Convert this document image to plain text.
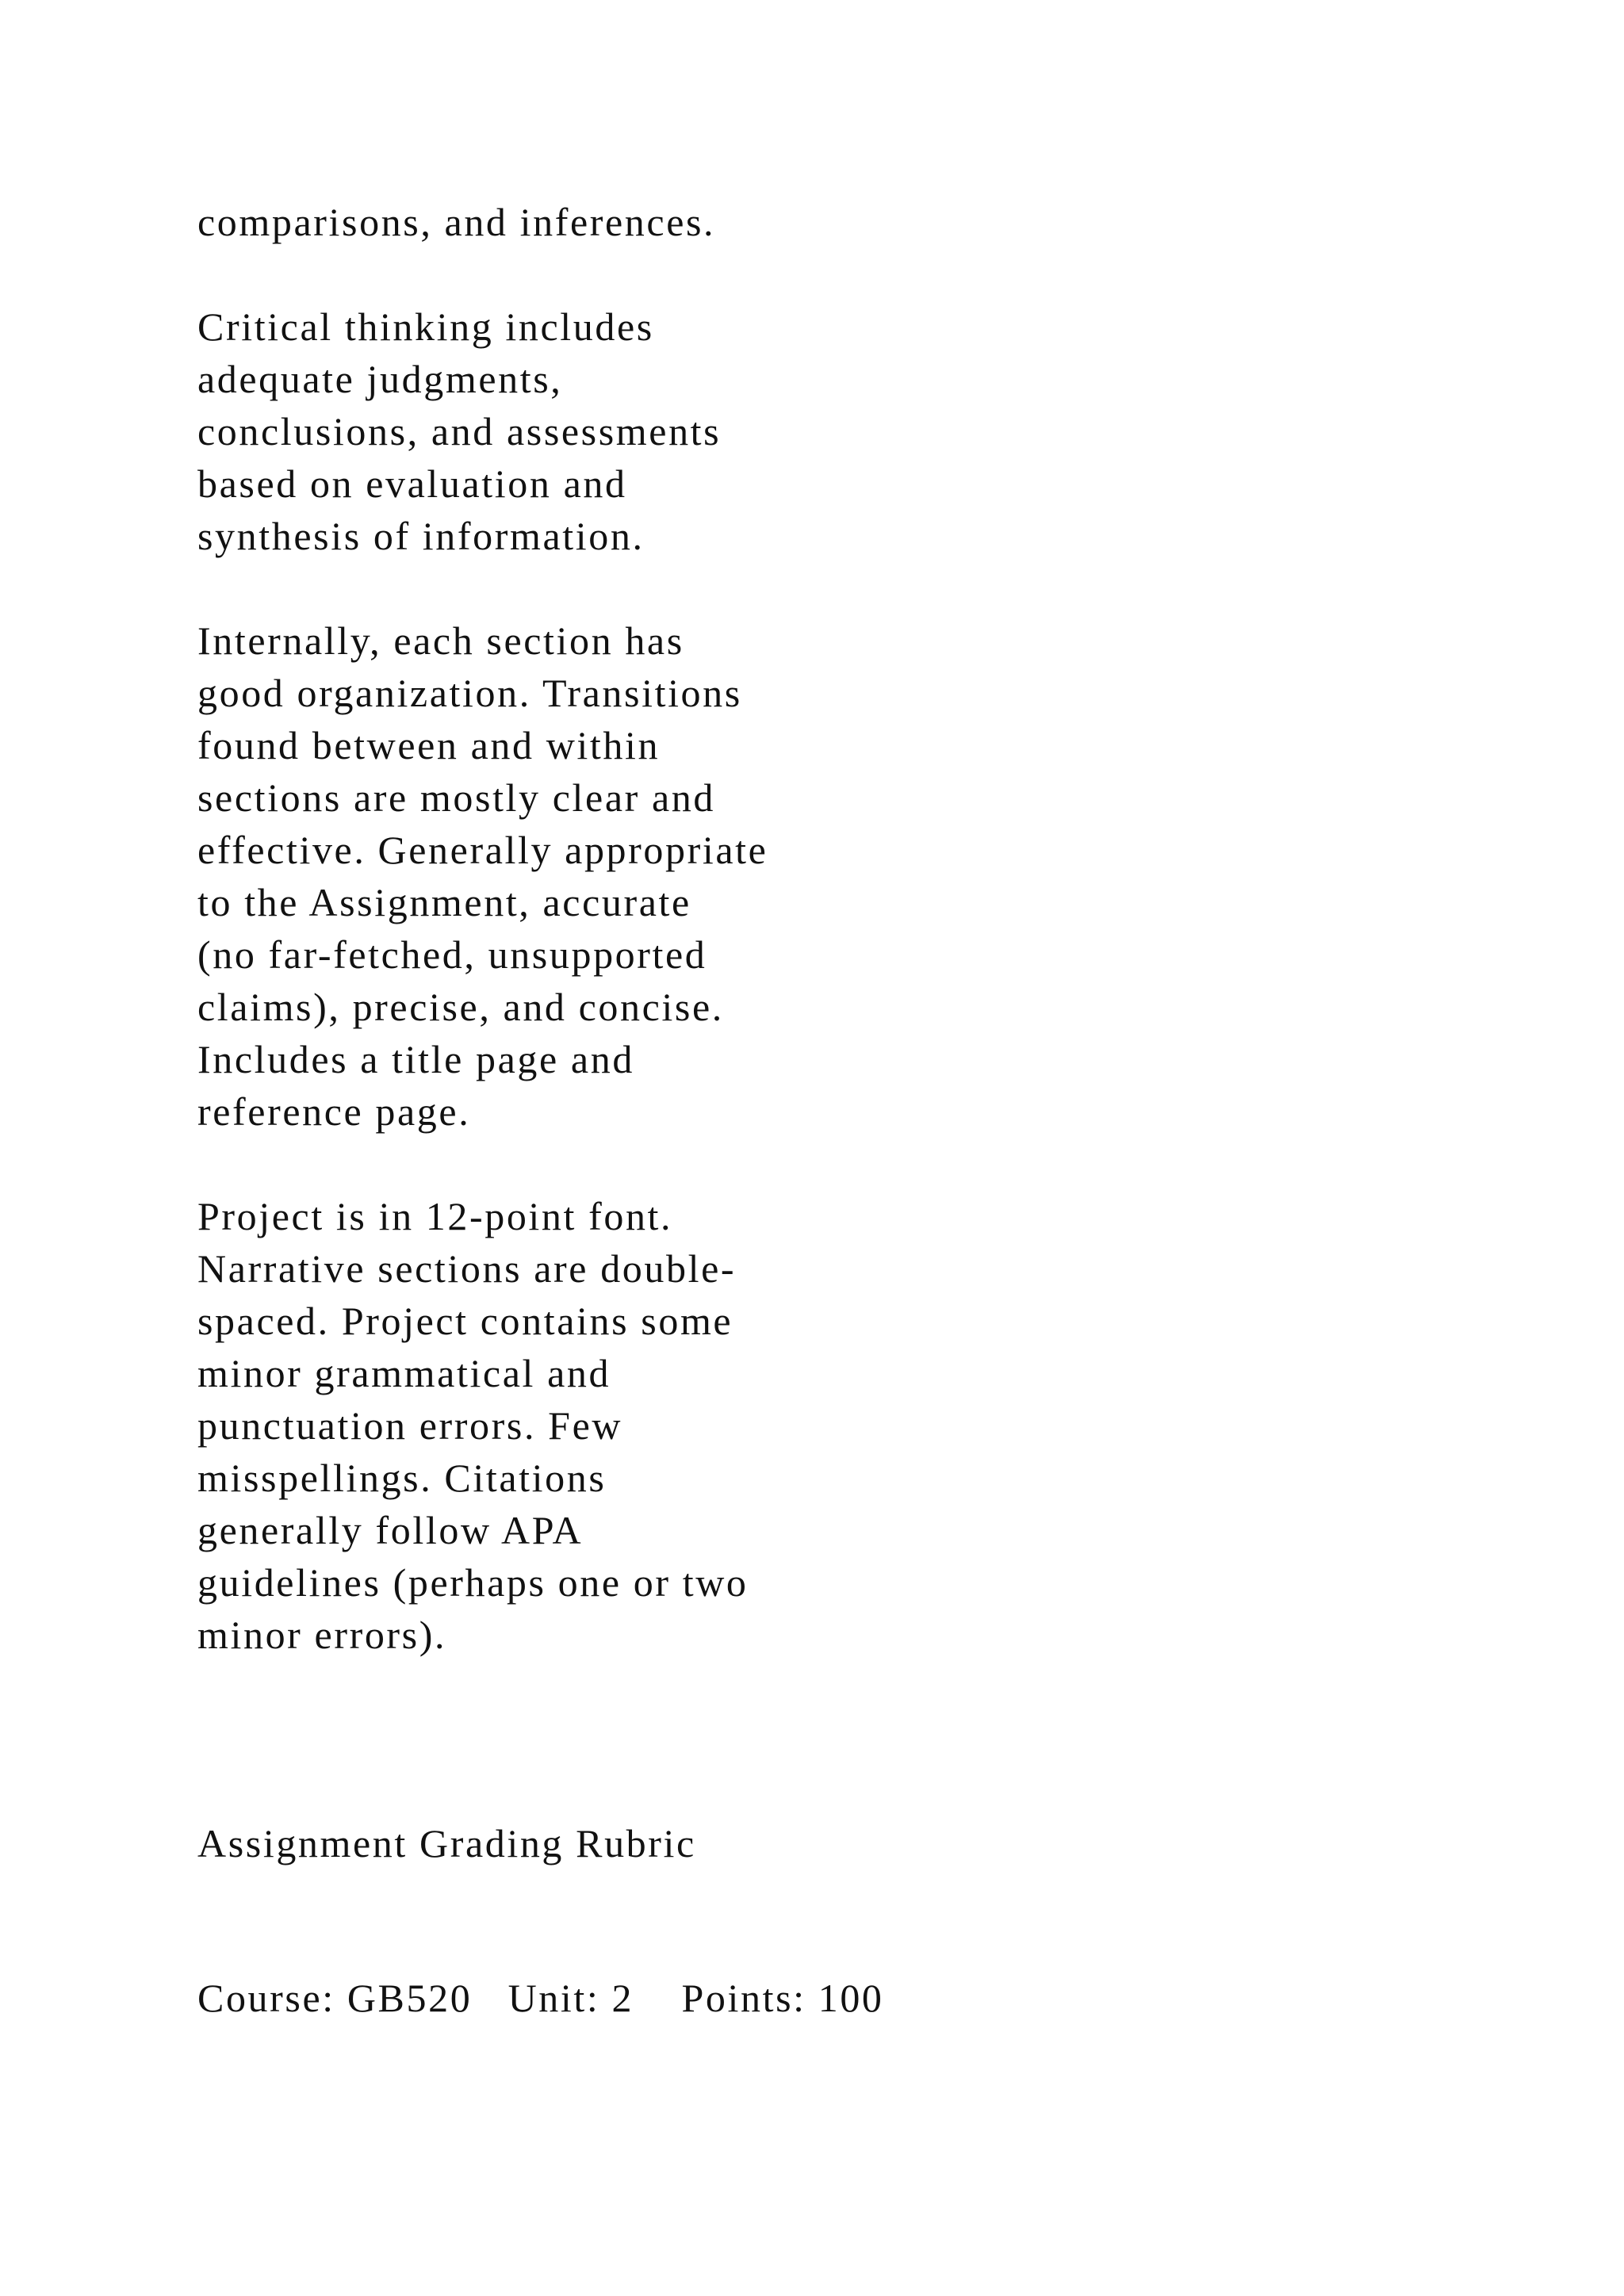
comparisons, and inferences.

Critical thinking includes

adequate judgments,

conclusions, and assessments

based on evaluation and

synthesis of information.

Internally, each section has

good organization. Transitions

found between and within

sections are mostly clear and

effective. Generally appropriate

to the Assignment, accurate

(no far-fetched, unsupported

claims), precise, and concise.

Includes a title page and

reference page.

Project is in 12-point font.

Narrative sections are double-

spaced. Project contains some

minor grammatical and

punctuation errors. Few

misspellings. Citations

generally follow APA

guidelines (perhaps one or two

minor errors).

Assignment Grading Rubric

Course: GB520   Unit: 2    Points: 100
